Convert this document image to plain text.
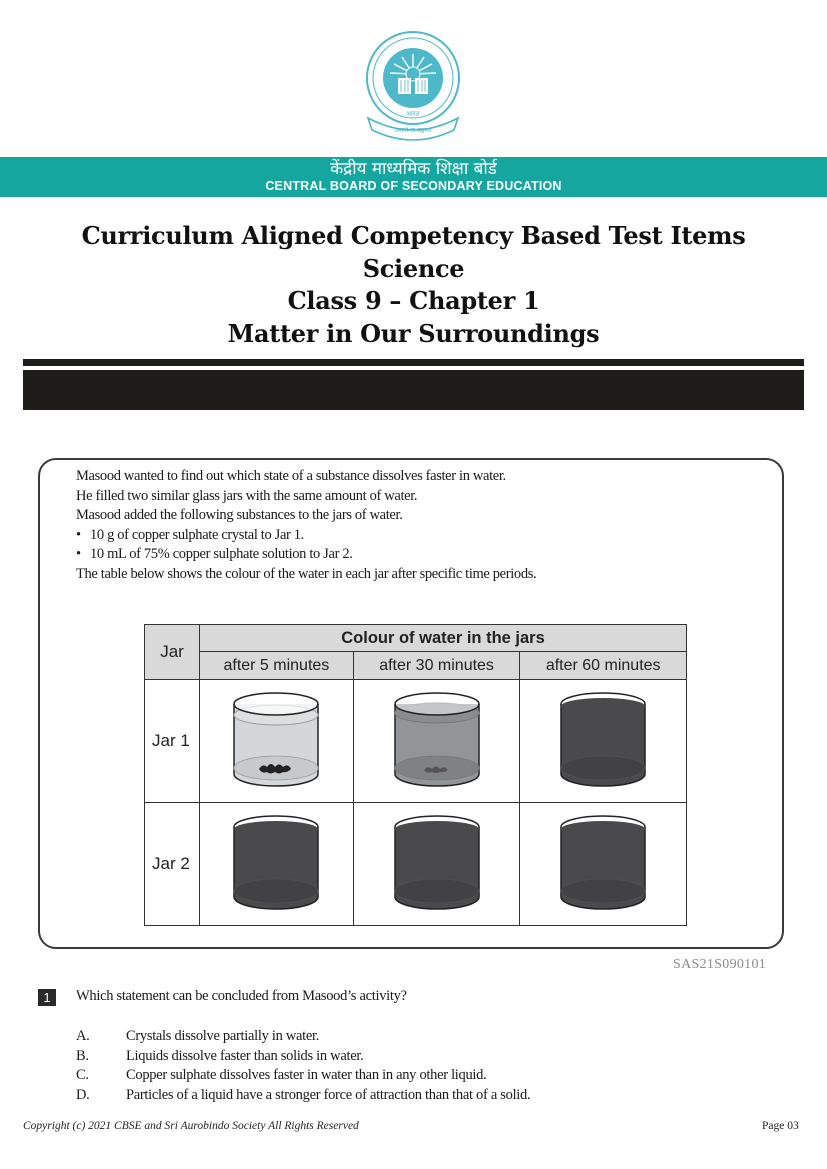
भारत
असतो मा सद्गमय
केंद्रीय माध्यमिक शिक्षा बोर्ड
CENTRAL BOARD OF SECONDARY EDUCATION
Curriculum Aligned Competency Based Test Items
Science
Class 9 – Chapter 1
Matter in Our Surroundings
Masood wanted to find out which state of a substance dissolves faster in water.
He filled two similar glass jars with the same amount of water.
Masood added the following substances to the jars of water.
• 10 g of copper sulphate crystal to Jar 1.
• 10 mL of 75% copper sulphate solution to Jar 2.
The table below shows the colour of the water in each jar after specific time periods.
Jar	Colour of water in the jars		
	after 5 minutes	after 30 minutes	after 60 minutes
Jar 1			
Jar 2			
SAS21S090101
1	Which statement can be concluded from Masood’s activity?
A.	Crystals dissolve partially in water.
B.	Liquids dissolve faster than solids in water.
C.	Copper sulphate dissolves faster in water than in any other liquid.
D.	Particles of a liquid have a stronger force of attraction than that of a solid.
Copyright (c) 2021 CBSE and Sri Aurobindo Society All Rights Reserved	Page 03
